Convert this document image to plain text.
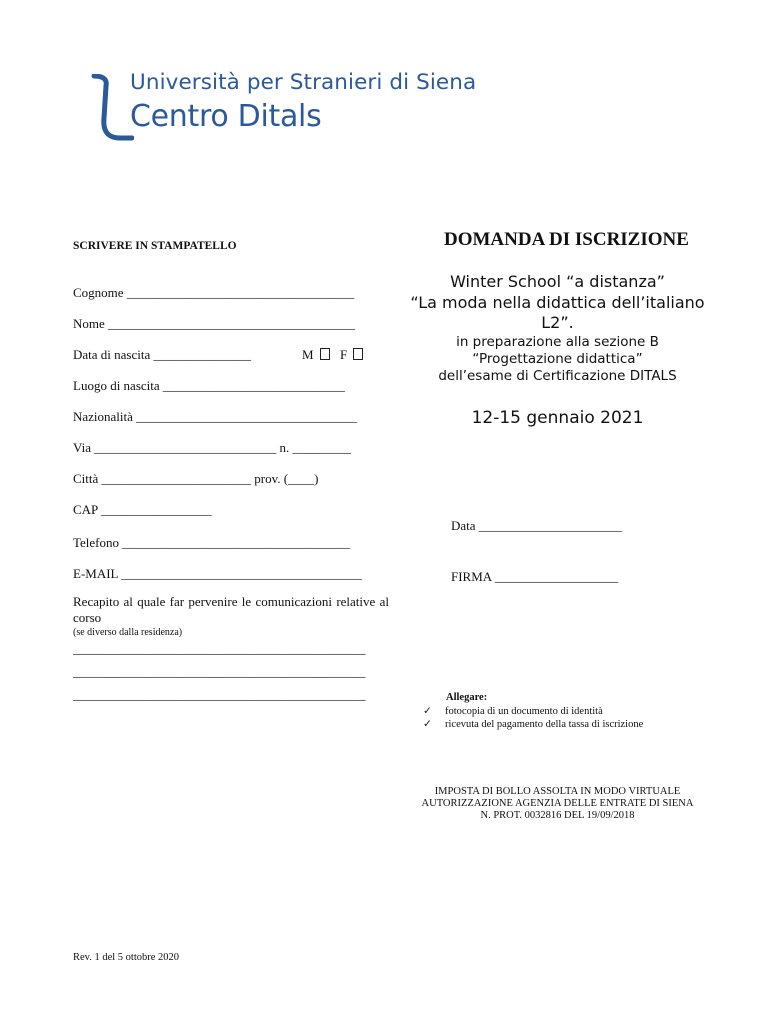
Università per Stranieri di Siena
Centro Ditals
SCRIVERE IN STAMPATELLO
Cognome ___________________________________
Nome ______________________________________
Data di nascita _______________	M	F
Luogo di nascita ____________________________
Nazionalità __________________________________
Via ____________________________ n. _________
Città _______________________ prov. (____)
CAP _________________
Telefono ___________________________________
E-MAIL _____________________________________
Recapito al quale far pervenire le comunicazioni relative al corso
(se diverso dalla residenza)
_____________________________________________
_____________________________________________
_____________________________________________
Rev. 1 del 5 ottobre 2020
DOMANDA DI ISCRIZIONE
Winter School “a distanza”
“La moda nella didattica dell’italiano
L2”.
in preparazione alla sezione B
“Progettazione didattica”
dell’esame di Certificazione DITALS
12-15 gennaio 2021
Data ______________________
FIRMA ___________________
Allegare:
✓ fotocopia di un documento di identità
✓ ricevuta del pagamento della tassa di iscrizione
IMPOSTA DI BOLLO ASSOLTA IN MODO VIRTUALE
AUTORIZZAZIONE AGENZIA DELLE ENTRATE DI SIENA
N. PROT. 0032816 DEL 19/09/2018
